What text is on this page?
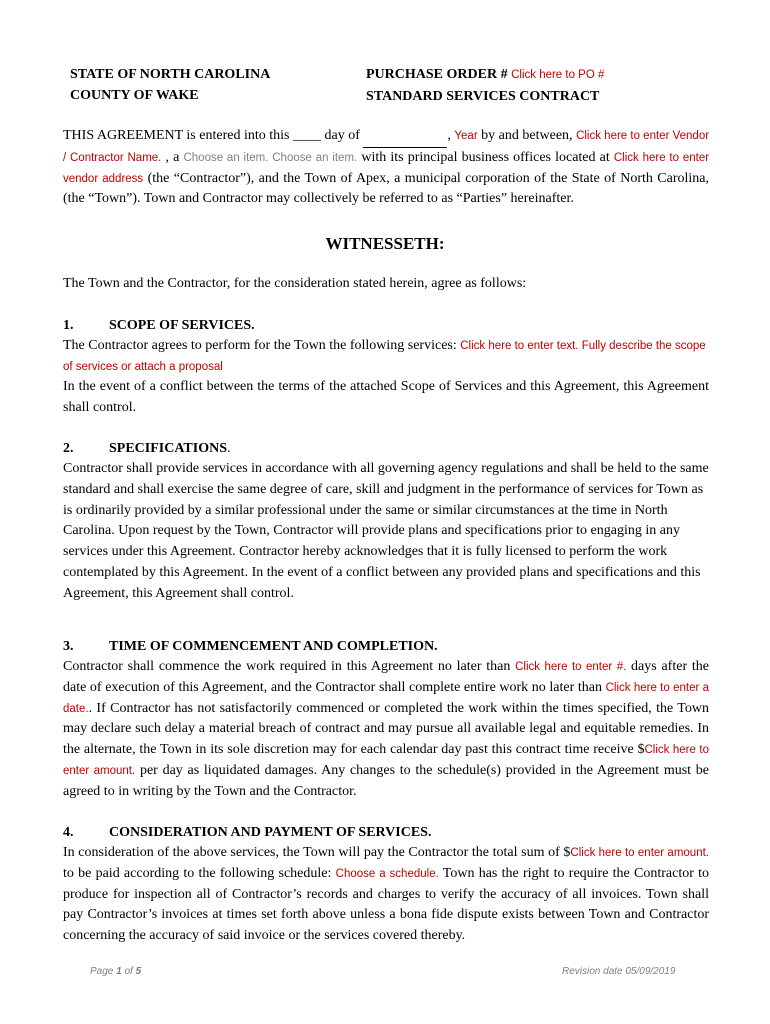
STATE OF NORTH CAROLINA
COUNTY OF WAKE
PURCHASE ORDER # Click here to PO #
STANDARD SERVICES CONTRACT
THIS AGREEMENT is entered into this ____ day of	, Year by and between, Click here to enter Vendor / Contractor Name. , a Choose an item. Choose an item. with its principal business offices located at Click here to enter vendor address (the “Contractor”), and the Town of Apex, a municipal corporation of the State of North Carolina, (the “Town”). Town and Contractor may collectively be referred to as “Parties” hereinafter.
WITNESSETH:
The Town and the Contractor, for the consideration stated herein, agree as follows:
1.	SCOPE OF SERVICES.
The Contractor agrees to perform for the Town the following services: Click here to enter text. Fully describe the scope of services or attach a proposal
In the event of a conflict between the terms of the attached Scope of Services and this Agreement, this Agreement shall control.
2.	SPECIFICATIONS.
Contractor shall provide services in accordance with all governing agency regulations and shall be held to the same standard and shall exercise the same degree of care, skill and judgment in the performance of services for Town as is ordinarily provided by a similar professional under the same or similar circumstances at the time in North Carolina. Upon request by the Town, Contractor will provide plans and specifications prior to engaging in any services under this Agreement. Contractor hereby acknowledges that it is fully licensed to perform the work contemplated by this Agreement. In the event of a conflict between any provided plans and specifications and this Agreement, this Agreement shall control.
3.	TIME OF COMMENCEMENT AND COMPLETION.
Contractor shall commence the work required in this Agreement no later than Click here to enter #. days after the date of execution of this Agreement, and the Contractor shall complete entire work no later than Click here to enter a date.. If Contractor has not satisfactorily commenced or completed the work within the times specified, the Town may declare such delay a material breach of contract and may pursue all available legal and equitable remedies. In the alternate, the Town in its sole discretion may for each calendar day past this contract time receive $Click here to enter amount. per day as liquidated damages. Any changes to the schedule(s) provided in the Agreement must be agreed to in writing by the Town and the Contractor.
4.	CONSIDERATION AND PAYMENT OF SERVICES.
In consideration of the above services, the Town will pay the Contractor the total sum of $Click here to enter amount. to be paid according to the following schedule: Choose a schedule. Town has the right to require the Contractor to produce for inspection all of Contractor’s records and charges to verify the accuracy of all invoices. Town shall pay Contractor’s invoices at times set forth above unless a bona fide dispute exists between Town and Contractor concerning the accuracy of said invoice or the services covered thereby.
Page 1 of 5	Revision date 05/09/2019
